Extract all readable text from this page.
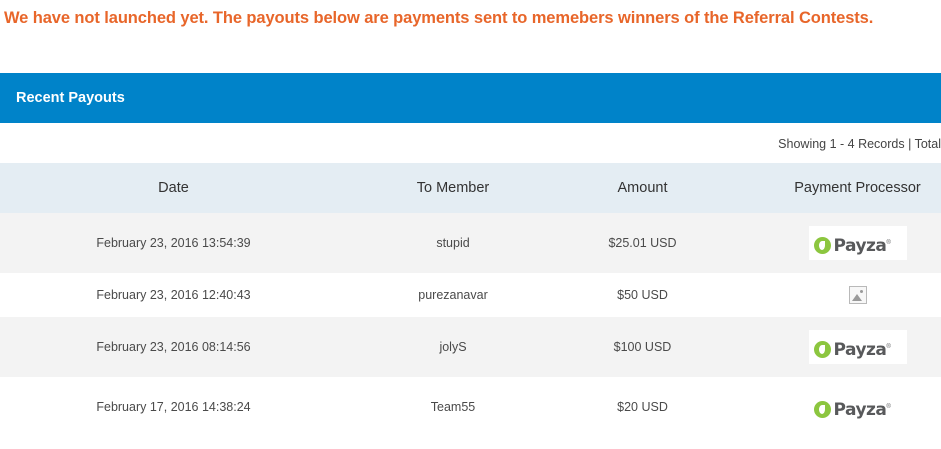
We have not launched yet. The payouts below are payments sent to memebers winners of the Referral Contests.
Recent Payouts
Showing 1 - 4 Records | Total
Date	To Member	Amount	Payment Processor
February 23, 2016 13:54:39	stupid	$25.01 USD	Payza®
February 23, 2016 12:40:43	purezanavar	$50 USD	
February 23, 2016 08:14:56	jolyS	$100 USD	Payza®
February 17, 2016 14:38:24	Team55	$20 USD	Payza®
